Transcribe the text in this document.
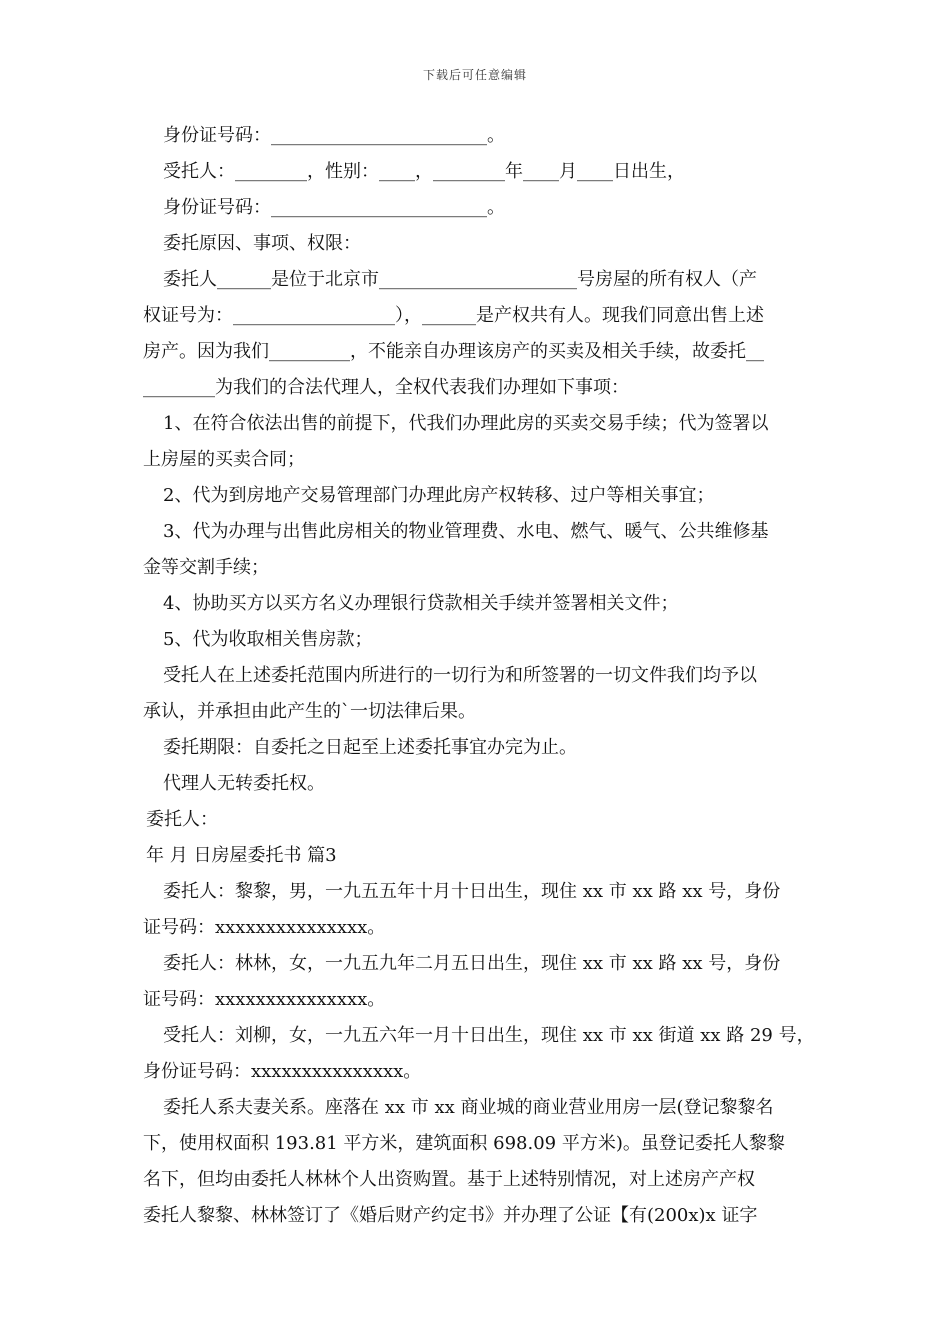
下载后可任意编辑
身份证号码：________________________。
受托人：________，性别：____，________年____月____日出生，
身份证号码：________________________。
委托原因、事项、权限：
委托人______是位于北京市______________________号房屋的所有权人（产
权证号为：__________________），______是产权共有人。现我们同意出售上述
房产。因为我们_________，不能亲自办理该房产的买卖及相关手续，故委托__
________为我们的合法代理人，全权代表我们办理如下事项：
1、在符合依法出售的前提下，代我们办理此房的买卖交易手续；代为签署以
上房屋的买卖合同；
2、代为到房地产交易管理部门办理此房产权转移、过户等相关事宜；
3、代为办理与出售此房相关的物业管理费、水电、燃气、暖气、公共维修基
金等交割手续；
4、协助买方以买方名义办理银行贷款相关手续并签署相关文件；
5、代为收取相关售房款；
受托人在上述委托范围内所进行的一切行为和所签署的一切文件我们均予以
承认，并承担由此产生的`一切法律后果。
委托期限：自委托之日起至上述委托事宜办完为止。
代理人无转委托权。
委托人：
年 月 日房屋委托书 篇3
委托人：黎黎，男，一九五五年十月十日出生，现住 xx 市 xx 路 xx 号，身份
证号码：xxxxxxxxxxxxxxx。
委托人：林林，女，一九五九年二月五日出生，现住 xx 市 xx 路 xx 号，身份
证号码：xxxxxxxxxxxxxxx。
受托人：刘柳，女，一九五六年一月十日出生，现住 xx 市 xx 街道 xx 路 29 号，
身份证号码：xxxxxxxxxxxxxxx。
委托人系夫妻关系。座落在 xx 市 xx 商业城的商业营业用房一层(登记黎黎名
下，使用权面积 193.81 平方米，建筑面积 698.09 平方米)。虽登记委托人黎黎
名下，但均由委托人林林个人出资购置。基于上述特别情况，对上述房产产权
委托人黎黎、林林签订了《婚后财产约定书》并办理了公证【有(200x)x 证字
